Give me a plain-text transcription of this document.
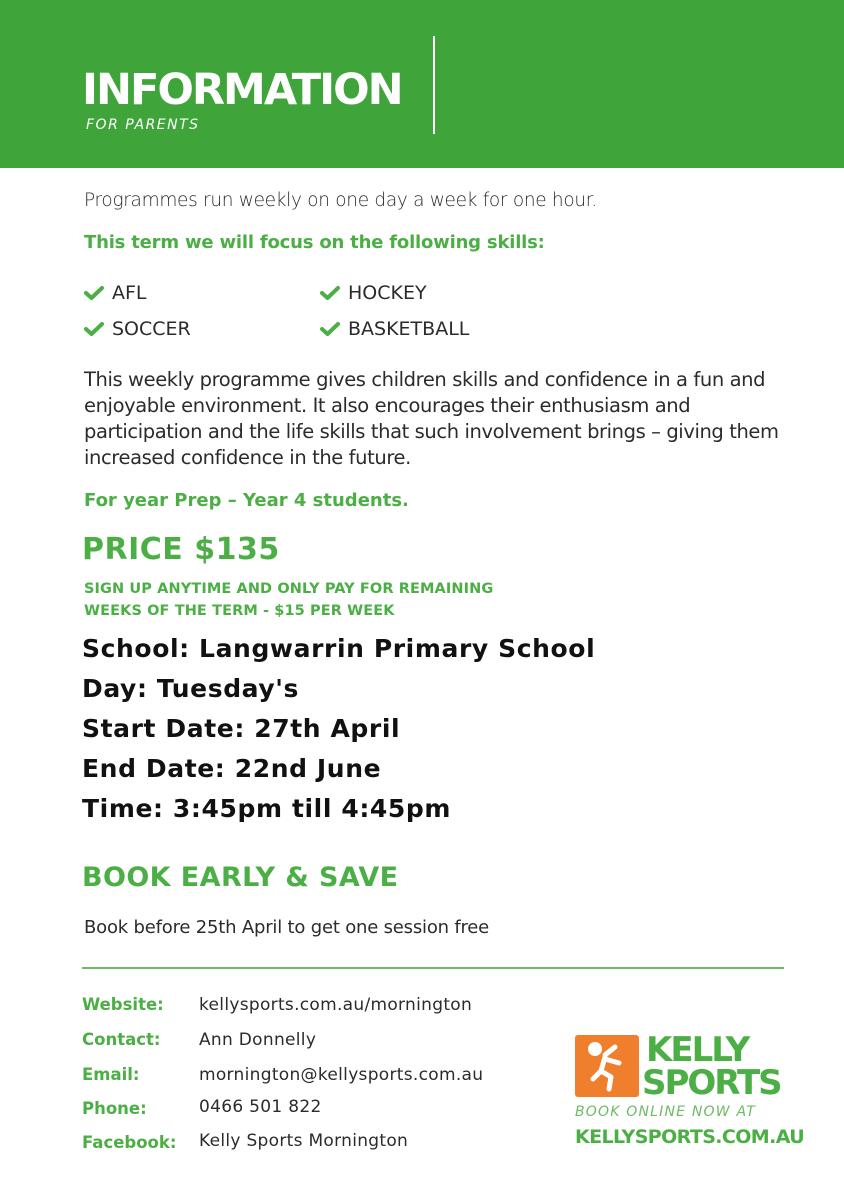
INFORMATION
FOR PARENTS
Programmes run weekly on one day a week for one hour.
This term we will focus on the following skills:
AFL	HOCKEY
SOCCER	BASKETBALL

This weekly programme gives children skills and confidence in a fun and enjoyable environment. It also encourages their enthusiasm and participation and the life skills that such involvement brings – giving them increased confidence in the future.

For year Prep – Year 4 students.
PRICE $135
SIGN UP ANYTIME AND ONLY PAY FOR REMAINING
WEEKS OF THE TERM - $15 PER WEEK
School: Langwarrin Primary School
Day: Tuesday's
Start Date: 27th April
End Date: 22nd June
Time: 3:45pm till 4:45pm
BOOK EARLY & SAVE
Book before 25th April to get one session free
Website: kellysports.com.au/mornington
Contact: Ann Donnelly
Email:	mornington@kellysports.com.au
Phone:	0466 501 822
Facebook: Kelly Sports Mornington
KELLY
SPORTS
BOOK ONLINE NOW AT
KELLYSPORTS.COM.AU
